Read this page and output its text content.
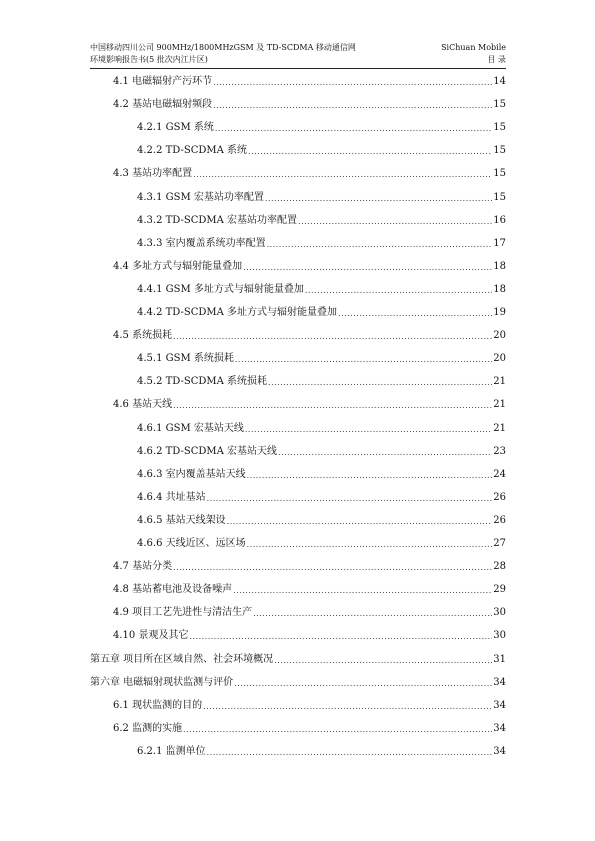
中国移动四川公司 900MHz/1800MHzGSM 及 TD-SCDMA 移动通信网
环境影响报告书(5 批次内江片区)
SiChuan Mobile
目 录
4.1 电磁辐射产污环节 .....	14
4.2 基站电磁辐射频段 .....	15
4.2.1 GSM 系统 .....	15
4.2.2 TD-SCDMA 系统 .....	15
4.3 基站功率配置 .....	15
4.3.1 GSM 宏基站功率配置 .....	15
4.3.2 TD-SCDMA 宏基站功率配置 .....	16
4.3.3 室内覆盖系统功率配置 .....	17
4.4 多址方式与辐射能量叠加 .....	18
4.4.1 GSM 多址方式与辐射能量叠加 .....	18
4.4.2 TD-SCDMA 多址方式与辐射能量叠加 .....	19
4.5 系统损耗 .....	20
4.5.1 GSM 系统损耗 .....	20
4.5.2 TD-SCDMA 系统损耗 .....	21
4.6 基站天线 .....	21
4.6.1 GSM 宏基站天线 .....	21
4.6.2 TD-SCDMA 宏基站天线 .....	23
4.6.3 室内覆盖基站天线 .....	24
4.6.4 共址基站 .....	26
4.6.5 基站天线架设 .....	26
4.6.6 天线近区、远区场 .....	27
4.7 基站分类 .....	28
4.8 基站蓄电池及设备噪声 .....	29
4.9 项目工艺先进性与清洁生产 .....	30
4.10 景观及其它 .....	30
第五章 项目所在区域自然、社会环境概况 .....	31
第六章 电磁辐射现状监测与评价 .....	34
6.1 现状监测的目的 .....	34
6.2 监测的实施 .....	34
6.2.1 监测单位 .....	34
